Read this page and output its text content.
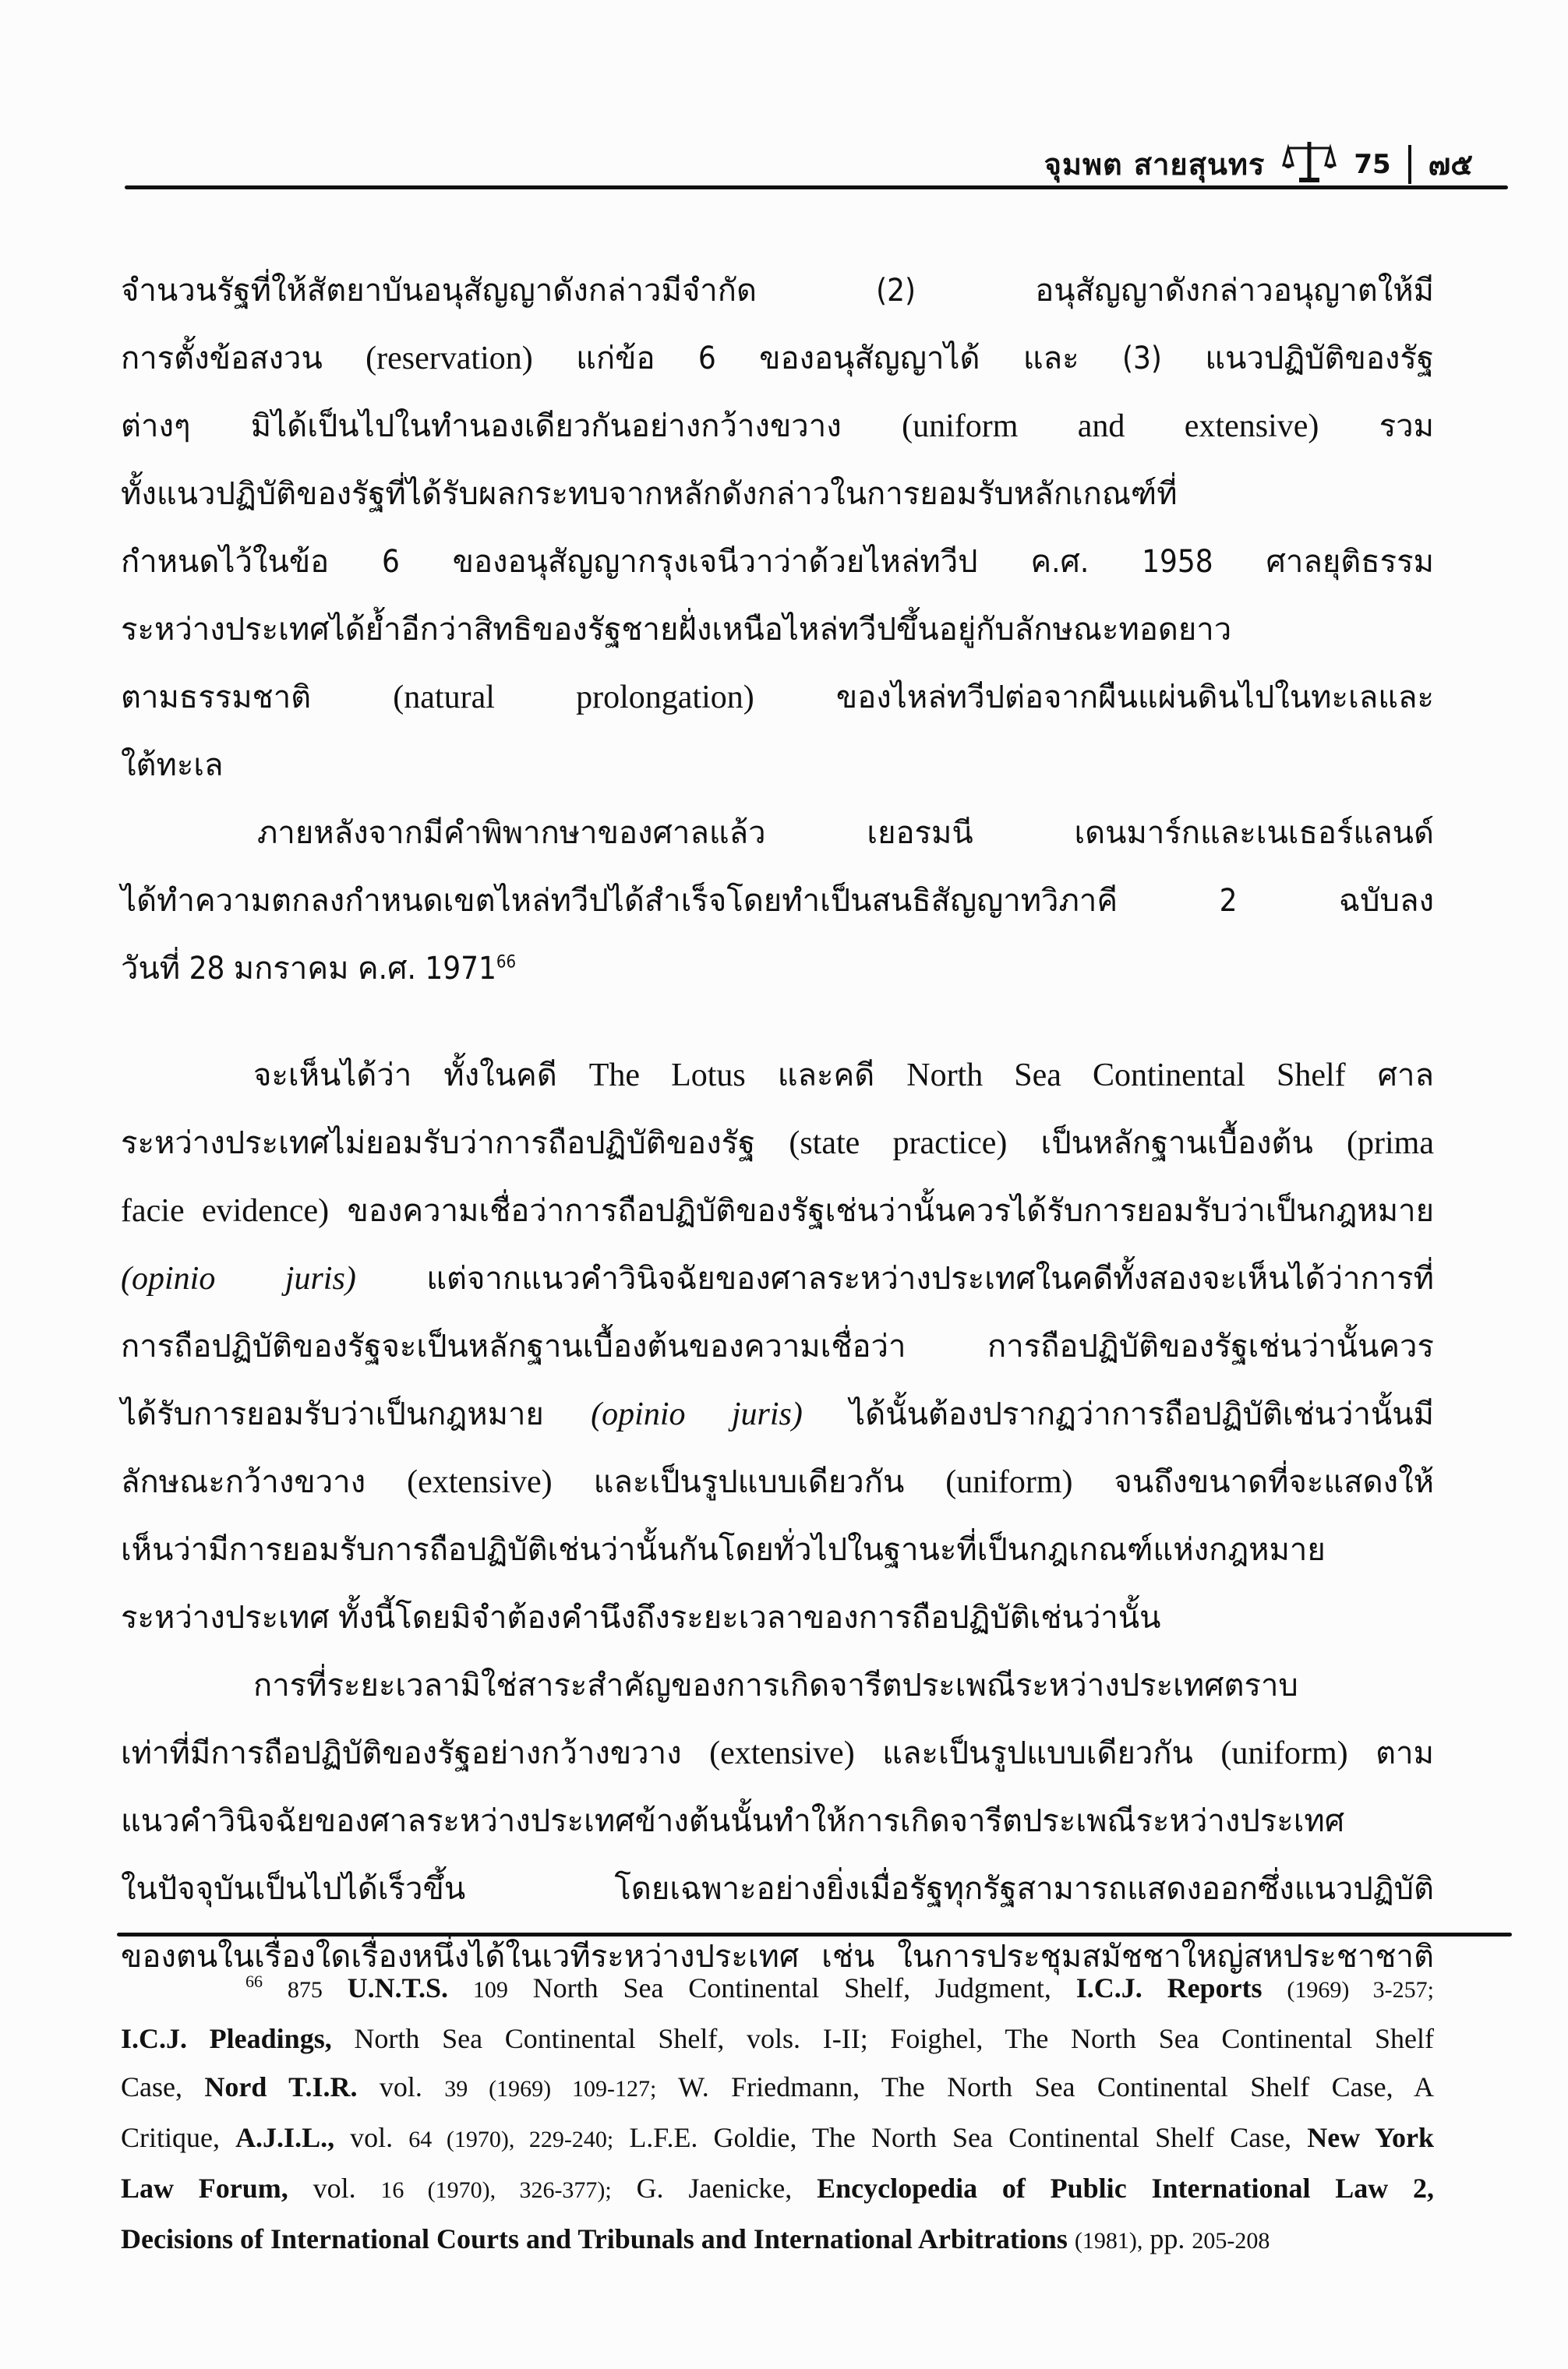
จุมพต สายสุนทร	75 ๗๕
จำนวนรัฐที่ให้สัตยาบันอนุสัญญาดังกล่าวมีจำกัด (2) อนุสัญญาดังกล่าวอนุญาตให้มี
การตั้งข้อสงวน (reservation) แก่ข้อ 6 ของอนุสัญญาได้ และ (3) แนวปฏิบัติของรัฐ
ต่างๆ มิได้เป็นไปในทำนองเดียวกันอย่างกว้างขวาง (uniform and extensive) รวม
ทั้งแนวปฏิบัติของรัฐที่ได้รับผลกระทบจากหลักดังกล่าวในการยอมรับหลักเกณฑ์ที่
กำหนดไว้ในข้อ 6 ของอนุสัญญากรุงเจนีวาว่าด้วยไหล่ทวีป ค.ศ. 1958 ศาลยุติธรรม
ระหว่างประเทศได้ย้ำอีกว่าสิทธิของรัฐชายฝั่งเหนือไหล่ทวีปขึ้นอยู่กับลักษณะทอดยาว
ตามธรรมชาติ	(natural prolongation)	ของไหล่ทวีปต่อจากผืนแผ่นดินไปในทะเลและ
ใต้ทะเล
ภายหลังจากมีคำพิพากษาของศาลแล้ว เยอรมนี เดนมาร์กและเนเธอร์แลนด์
ได้ทำความตกลงกำหนดเขตไหล่ทวีปได้สำเร็จโดยทำเป็นสนธิสัญญาทวิภาคี 2 ฉบับลง
วันที่ 28 มกราคม ค.ศ. 1971$^{66}$
จะเห็นได้ว่า ทั้งในคดี The Lotus และคดี North Sea Continental Shelf ศาล
ระหว่างประเทศไม่ยอมรับว่าการถือปฏิบัติของรัฐ (state practice) เป็นหลักฐานเบื้องต้น (prima
facie evidence) ของความเชื่อว่าการถือปฏิบัติของรัฐเช่นว่านั้นควรได้รับการยอมรับว่าเป็นกฎหมาย
(opinio juris) แต่จากแนวคำวินิจฉัยของศาลระหว่างประเทศในคดีทั้งสองจะเห็นได้ว่าการที่
การถือปฏิบัติของรัฐจะเป็นหลักฐานเบื้องต้นของความเชื่อว่า การถือปฏิบัติของรัฐเช่นว่านั้นควร
ได้รับการยอมรับว่าเป็นกฎหมาย (opinio juris) ได้นั้นต้องปรากฏว่าการถือปฏิบัติเช่นว่านั้นมี
ลักษณะกว้างขวาง (extensive) และเป็นรูปแบบเดียวกัน (uniform) จนถึงขนาดที่จะแสดงให้
เห็นว่ามีการยอมรับการถือปฏิบัติเช่นว่านั้นกันโดยทั่วไปในฐานะที่เป็นกฎเกณฑ์แห่งกฎหมาย
ระหว่างประเทศ ทั้งนี้โดยมิจำต้องคำนึงถึงระยะเวลาของการถือปฏิบัติเช่นว่านั้น
การที่ระยะเวลามิใช่สาระสำคัญของการเกิดจารีตประเพณีระหว่างประเทศตราบ
เท่าที่มีการถือปฏิบัติของรัฐอย่างกว้างขวาง (extensive) และเป็นรูปแบบเดียวกัน (uniform) ตาม
แนวคำวินิจฉัยของศาลระหว่างประเทศข้างต้นนั้นทำให้การเกิดจารีตประเพณีระหว่างประเทศ
ในปัจจุบันเป็นไปได้เร็วขึ้น โดยเฉพาะอย่างยิ่งเมื่อรัฐทุกรัฐสามารถแสดงออกซึ่งแนวปฏิบัติ
ของตนในเรื่องใดเรื่องหนึ่งได้ในเวทีระหว่างประเทศ เช่น ในการประชุมสมัชชาใหญ่สหประชาชาติ
$^{66}$ 875 U.N.T.S. 109 North Sea Continental Shelf, Judgment, I.C.J. Reports (1969) 3-257;
I.C.J. Pleadings, North Sea Continental Shelf, vols. I-II; Foighel, The North Sea Continental Shelf
Case, Nord T.I.R. vol. 39 (1969) 109-127; W. Friedmann, The North Sea Continental Shelf Case, A
Critique, A.J.I.L., vol. 64 (1970), 229-240; L.F.E. Goldie, The North Sea Continental Shelf Case, New York
Law Forum, vol. 16 (1970), 326-377); G. Jaenicke, Encyclopedia of Public International Law 2,
Decisions of International Courts and Tribunals and International Arbitrations (1981), pp. 205-208
